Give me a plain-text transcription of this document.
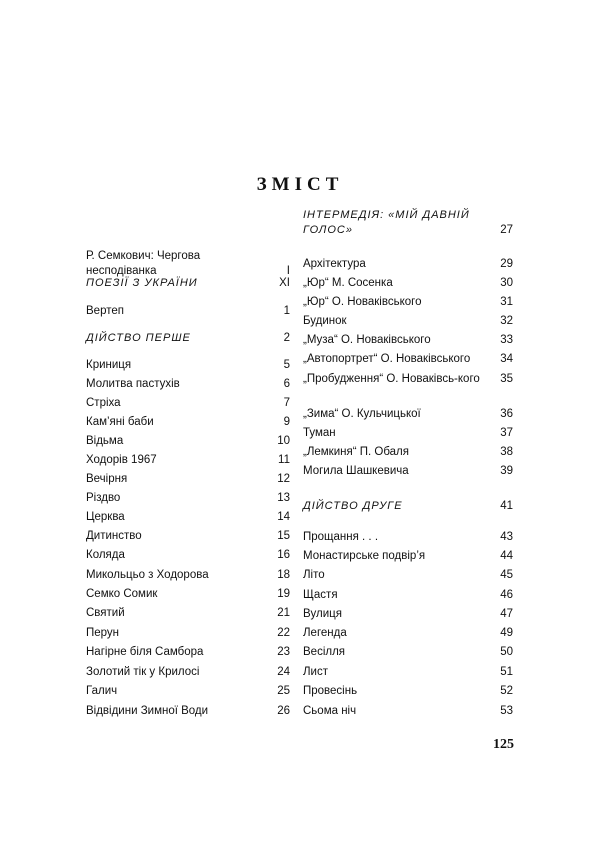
ЗМІСТ
Р. Семкович: Чергова несподіванка	I
ПОЕЗІЇ З УКРАЇНИ	XI
Вертеп	1
ДІЙСТВО ПЕРШЕ	2
Криниця	5
Молитва пастухів	6
Стріха	7
Кам’яні баби	9
Відьма	10
Ходорів 1967	11
Вечірня	12
Різдво	13
Церква	14
Дитинство	15
Коляда	16
Микольцьо з Ходорова	18
Семко Сомик	19
Святий	21
Перун	22
Нагірне біля Самбора	23
Золотий тік у Крилосі	24
Галич	25
Відвідини Зимної Води	26
ІНТЕРМЕДІЯ: «МІЙ ДАВНІЙ ГОЛОС»	27
Архітектура	29
„Юр“ М. Сосенка	30
„Юр“ О. Новаківського	31
Будинок	32
„Муза“ О. Новаківського	33
„Автопортрет“ О. Новаківського	34
„Пробудження“ О. Новаківсь-кого	35
„Зима“ О. Кульчицької	36
Туман	37
„Лемкиня“ П. Обаля	38
Могила Шашкевича	39
ДІЙСТВО ДРУГЕ	41
Прощання . . .	43
Монастирське подвір’я	44
Літо	45
Щастя	46
Вулиця	47
Легенда	49
Весілля	50
Лист	51
Провесінь	52
Сьома ніч	53
125
